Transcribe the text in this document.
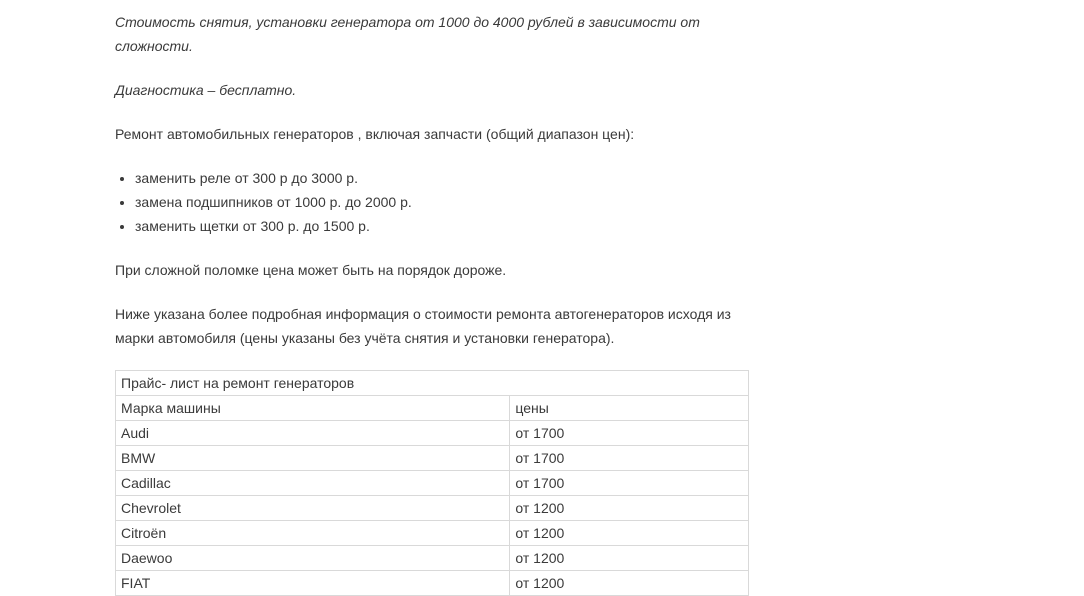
Стоимость снятия, установки генератора от 1000 до 4000 рублей в зависимости от сложности.

Диагностика – бесплатно.

Ремонт автомобильных генераторов , включая запчасти (общий диапазон цен):

• заменить реле от 300 р до 3000 р.
• замена подшипников от 1000 р. до 2000 р.
• заменить щетки от 300 р. до 1500 р.

При сложной поломке цена может быть на порядок дороже.

Ниже указана более подробная информация о стоимости ремонта автогенераторов исходя из марки автомобиля (цены указаны без учёта снятия и установки генератора).

Прайс- лист на ремонт генераторов	
Марка машины	цены
Audi	от 1700
BMW	от 1700
Cadillac	от 1700
Chevrolet	от 1200
Citroën	от 1200
Daewoo	от 1200
FIAT	от 1200
